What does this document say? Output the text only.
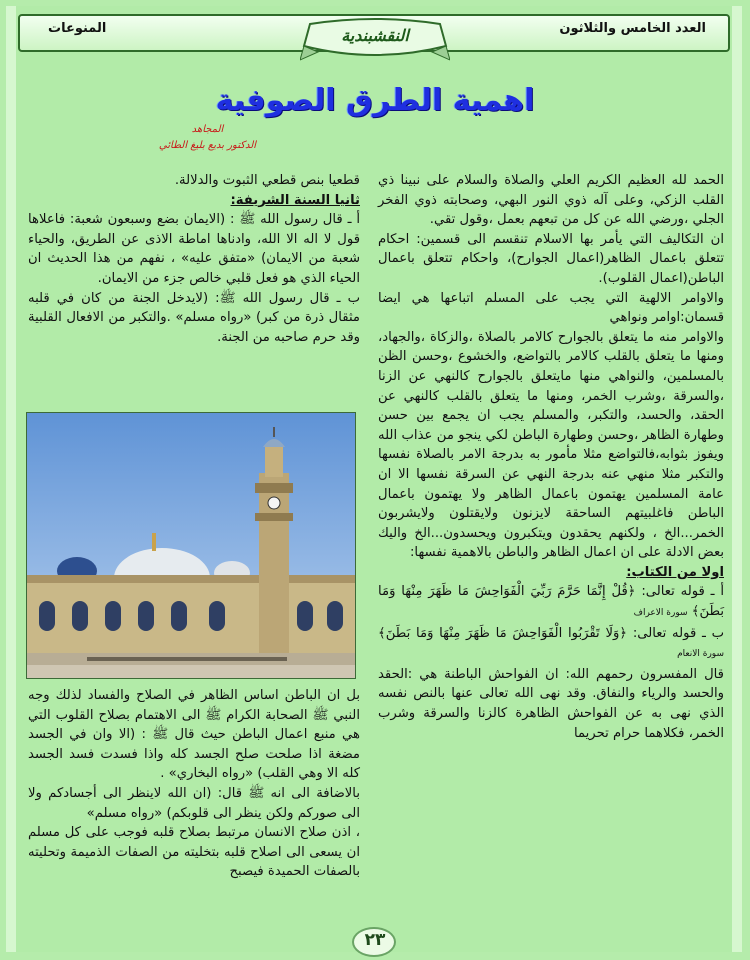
المنوعات	العدد الخامس والثلاثون
النقشبندية
اهمية الطرق الصوفية
المجاهد
الدكتور بديع بليغ الطائي

الحمد لله العظيم الكريم العلي والصلاة والسلام على نبينا ذي القلب الزكي، وعلى آله ذوي النور البهي، وصحابته ذوي الفخر الجلي ،ورضي الله عن كل من تبعهم بعمل ،وقول تقي.

ان التكاليف التي يأمر بها الاسلام تنقسم الى قسمين: احكام تتعلق باعمال الظاهر(اعمال الجوارح)، واحكام تتعلق باعمال الباطن(اعمال القلوب).

والاوامر الالهية التي يجب على المسلم اتباعها هي ايضا قسمان:اوامر ونواهي

والاوامر منه ما يتعلق بالجوارح كالامر بالصلاة ،والزكاة ،والجهاد، ومنها ما يتعلق بالقلب كالامر بالتواضع، والخشوع ،وحسن الظن بالمسلمين، والنواهي منها مايتعلق بالجوارح كالنهي عن الزنا ،والسرقة ،وشرب الخمر، ومنها ما يتعلق بالقلب كالنهي عن الحقد، والحسد، والتكبر، والمسلم يجب ان يجمع بين حسن وطهارة الظاهر ،وحسن وطهارة الباطن لكي ينجو من عذاب الله ويفوز بثوابه،فالتواضع مثلا مأمور به بدرجة الامر بالصلاة نفسها والتكبر مثلا منهي عنه بدرجة النهي عن السرقة نفسها الا ان عامة المسلمين يهتمون باعمال الظاهر ولا يهتمون باعمال الباطن فاغلبيتهم الساحقة لايزنون ولايقتلون ولايشربون الخمر...الخ ، ولكنهم يحقدون ويتكبرون ويحسدون...الخ واليك بعض الادلة على ان اعمال الظاهر والباطن بالاهمية نفسها:

اولا من الكتاب:

أ ـ قوله تعالى: ﴿قُلْ إِنَّمَا حَرَّمَ رَبِّيَ الْفَوَاحِشَ مَا ظَهَرَ مِنْهَا وَمَا بَطَنَ﴾ سورة الاعراف

ب ـ قوله تعالى: ﴿وَلَا تَقْرَبُوا الْفَوَاحِشَ مَا ظَهَرَ مِنْهَا وَمَا بَطَنَ﴾ سورة الانعام

قال المفسرون رحمهم الله: ان الفواحش الباطنة هي :الحقد والحسد والرياء والنفاق. وقد نهى الله تعالى عنها بالنص نفسه الذي نهى به عن الفواحش الظاهرة كالزنا والسرقة وشرب الخمر، فكلاهما حرام تحريما

قطعيا بنص قطعي الثبوت والدلالة.

ثانيا السنة الشريفة:

أ ـ قال رسول الله ﷺ : (الايمان بضع وسبعون شعبة: فاعلاها قول لا اله الا الله، وادناها اماطة الاذى عن الطريق، والحياء شعبة من الايمان) «متفق عليه» ، نفهم من هذا الحديث ان الحياء الذي هو فعل قلبي خالص جزء من الايمان.

ب ـ قال رسول الله ﷺ: (لايدخل الجنة من كان في قلبه مثقال ذرة من كبر) «رواه مسلم» .والتكبر من الافعال القلبية وقد حرم صاحبه من الجنة.

بل ان الباطن اساس الظاهر في الصلاح والفساد لذلك وجه النبي ﷺ الصحابة الكرام ﷺ الى الاهتمام بصلاح القلوب التي هي منبع اعمال الباطن حيث قال ﷺ : (الا وان في الجسد مضغة اذا صلحت صلح الجسد كله واذا فسدت فسد الجسد كله الا وهي القلب) «رواه البخاري» .

بالاضافة الى انه ﷺ قال: (ان الله لاينظر الى أجسادكم ولا الى صوركم ولكن ينظر الى قلوبكم) «رواه مسلم»

، اذن صلاح الانسان مرتبط بصلاح قلبه فوجب على كل مسلم ان يسعى الى اصلاح قلبه بتخليته من الصفات الذميمة وتحليته بالصفات الحميدة فيصبح

٢٣
